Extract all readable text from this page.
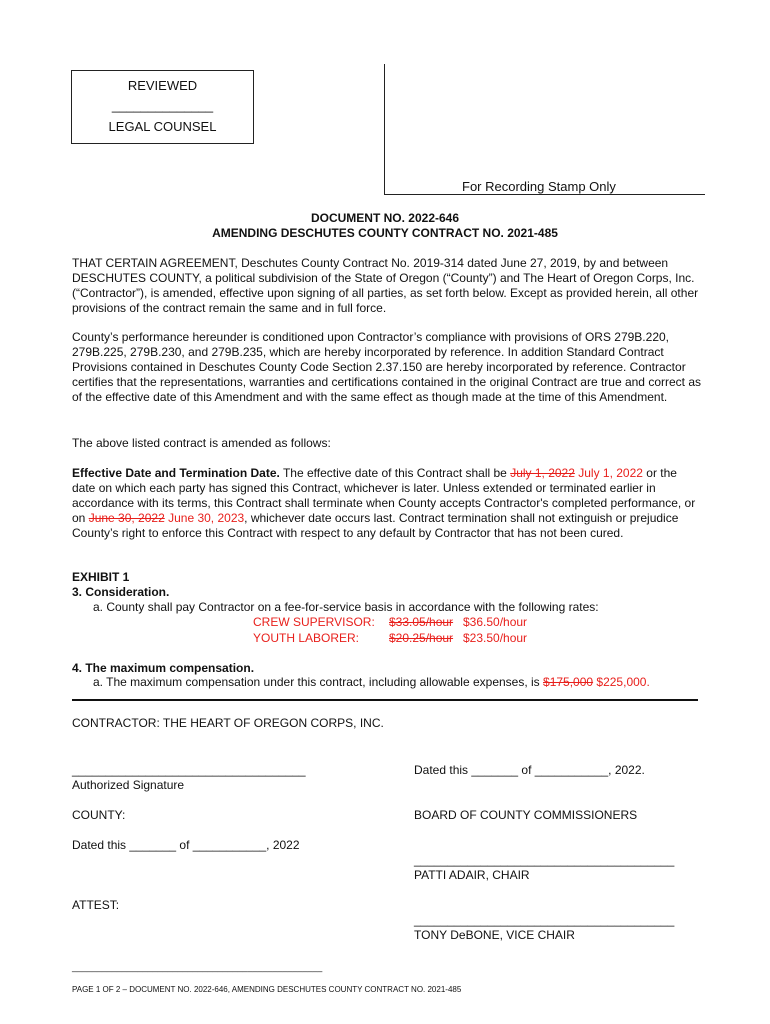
REVIEWED
______________
LEGAL COUNSEL
For Recording Stamp Only
DOCUMENT NO. 2022-646
AMENDING DESCHUTES COUNTY CONTRACT NO. 2021-485
THAT CERTAIN AGREEMENT, Deschutes County Contract No. 2019-314 dated June 27, 2019, by and between DESCHUTES COUNTY, a political subdivision of the State of Oregon (“County”) and The Heart of Oregon Corps, Inc. (“Contractor”), is amended, effective upon signing of all parties, as set forth below. Except as provided herein, all other provisions of the contract remain the same and in full force.
County’s performance hereunder is conditioned upon Contractor’s compliance with provisions of ORS 279B.220, 279B.225, 279B.230, and 279B.235, which are hereby incorporated by reference. In addition Standard Contract Provisions contained in Deschutes County Code Section 2.37.150 are hereby incorporated by reference. Contractor certifies that the representations, warranties and certifications contained in the original Contract are true and correct as of the effective date of this Amendment and with the same effect as though made at the time of this Amendment.
The above listed contract is amended as follows:
Effective Date and Termination Date. The effective date of this Contract shall be July 1, 2022 July 1, 2022 or the date on which each party has signed this Contract, whichever is later. Unless extended or terminated earlier in accordance with its terms, this Contract shall terminate when County accepts Contractor's completed performance, or on June 30, 2022 June 30, 2023, whichever date occurs last. Contract termination shall not extinguish or prejudice County’s right to enforce this Contract with respect to any default by Contractor that has not been cured.
EXHIBIT 1
3. Consideration.
a. County shall pay Contractor on a fee-for-service basis in accordance with the following rates:
CREW SUPERVISOR: $33.05/hour $36.50/hour
YOUTH LABORER: $20.25/hour $23.50/hour
4. The maximum compensation.
a. The maximum compensation under this contract, including allowable expenses, is $175,000 $225,000.
CONTRACTOR: THE HEART OF OREGON CORPS, INC.
___________________________________
Authorized Signature
Dated this _______ of ___________, 2022.
COUNTY:	BOARD OF COUNTY COMMISSIONERS
Dated this _______ of ___________, 2022
_______________________________________
PATTI ADAIR, CHAIR
ATTEST:
_______________________________________
TONY DeBONE, VICE CHAIR
__________________________________________________
PAGE 1 OF 2 – DOCUMENT NO. 2022-646, AMENDING DESCHUTES COUNTY CONTRACT NO. 2021-485
